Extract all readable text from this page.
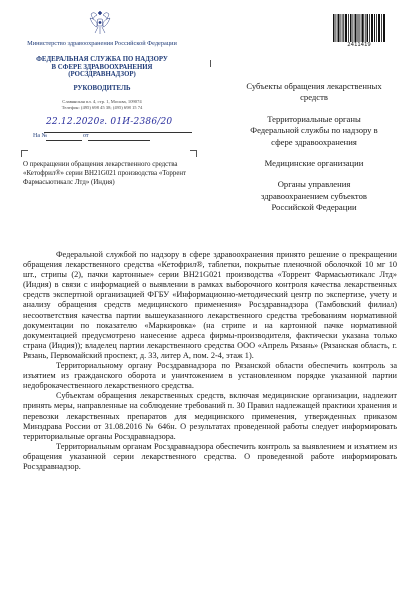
Министерство здравоохранения Российской Федерации
ФЕДЕРАЛЬНАЯ СЛУЖБА ПО НАДЗОРУ
В СФЕРЕ ЗДРАВООХРАНЕНИЯ
(РОСЗДРАВНАДЗОР)
РУКОВОДИТЕЛЬ
Славянская пл. 4, стр. 1, Москва, 109074
Телефон: (495) 698 45 38; (495) 698 15 74
22.12.2020г. 01И-2386/20
На №	от
О прекращении обращения лекарственного средства «Кетофрил®» серии BH21G021 производства «Торрент Фармасьютикалс Лтд» (Индия)
2411419
Субъекты обращения лекарственных средств
Территориальные органы Федеральной службы по надзору в сфере здравоохранения
Медицинские организации
Органы управления здравоохранением субъектов Российской Федерации

Федеральной службой по надзору в сфере здравоохранения принято решение о прекращении обращения лекарственного средства «Кетофрил®, таблетки, покрытые пленочной оболочкой 10 мг 10 шт., стрипы (2), пачки картонные» серии BH21G021 производства «Торрент Фармасьютикалс Лтд» (Индия) в связи с информацией о выявлении в рамках выборочного контроля качества лекарственных средств экспертной организацией ФГБУ «Информационно-методический центр по экспертизе, учету и анализу обращения средств медицинского применения» Росздравнадзора (Тамбовский филиал) несоответствия качества партии вышеуказанного лекарственного средства требованиям нормативной документации по показателю «Маркировка» (на стрипе и на картонной пачке нормативной документацией предусмотрено нанесение адреса фирмы-производителя, фактически указана только страна (Индия)); владелец партии лекарственного средства ООО «Апрель Рязань» (Рязанская область, г. Рязань, Первомайский проспект, д. 33, литер А, пом. 2-4, этаж 1).

Территориальному органу Росздравнадзора по Рязанской области обеспечить контроль за изъятием из гражданского оборота и уничтожением в установленном порядке указанной партии недоброкачественного лекарственного средства.

Субъектам обращения лекарственных средств, включая медицинские организации, надлежит принять меры, направленные на соблюдение требований п. 30 Правил надлежащей практики хранения и перевозки лекарственных препаратов для медицинского применения, утвержденных приказом Минздрава России от 31.08.2016 № 646н. О результатах проведенной работы следует информировать территориальные органы Росздравнадзора.

Территориальным органам Росздравнадзора обеспечить контроль за выявлением и изъятием из обращения указанной серии лекарственного средства. О проведенной работе информировать Росздравнадзор.
